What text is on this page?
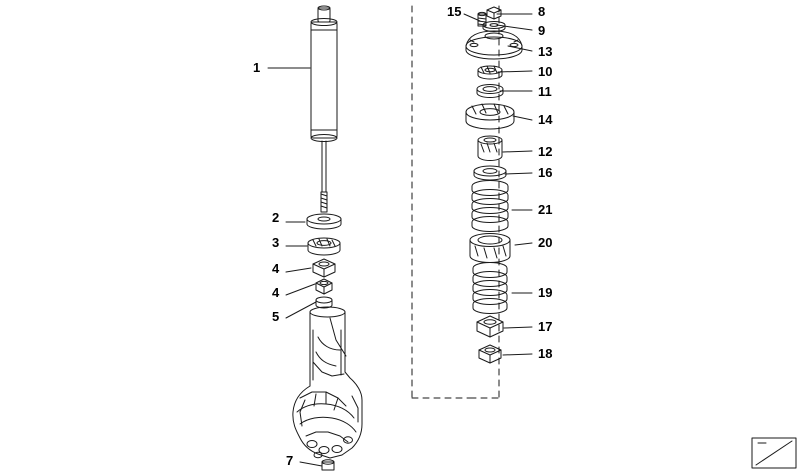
1
2
3
4
4
5
7
8
9
13
10
11
14
15
12
16
21
20
19
17
18
